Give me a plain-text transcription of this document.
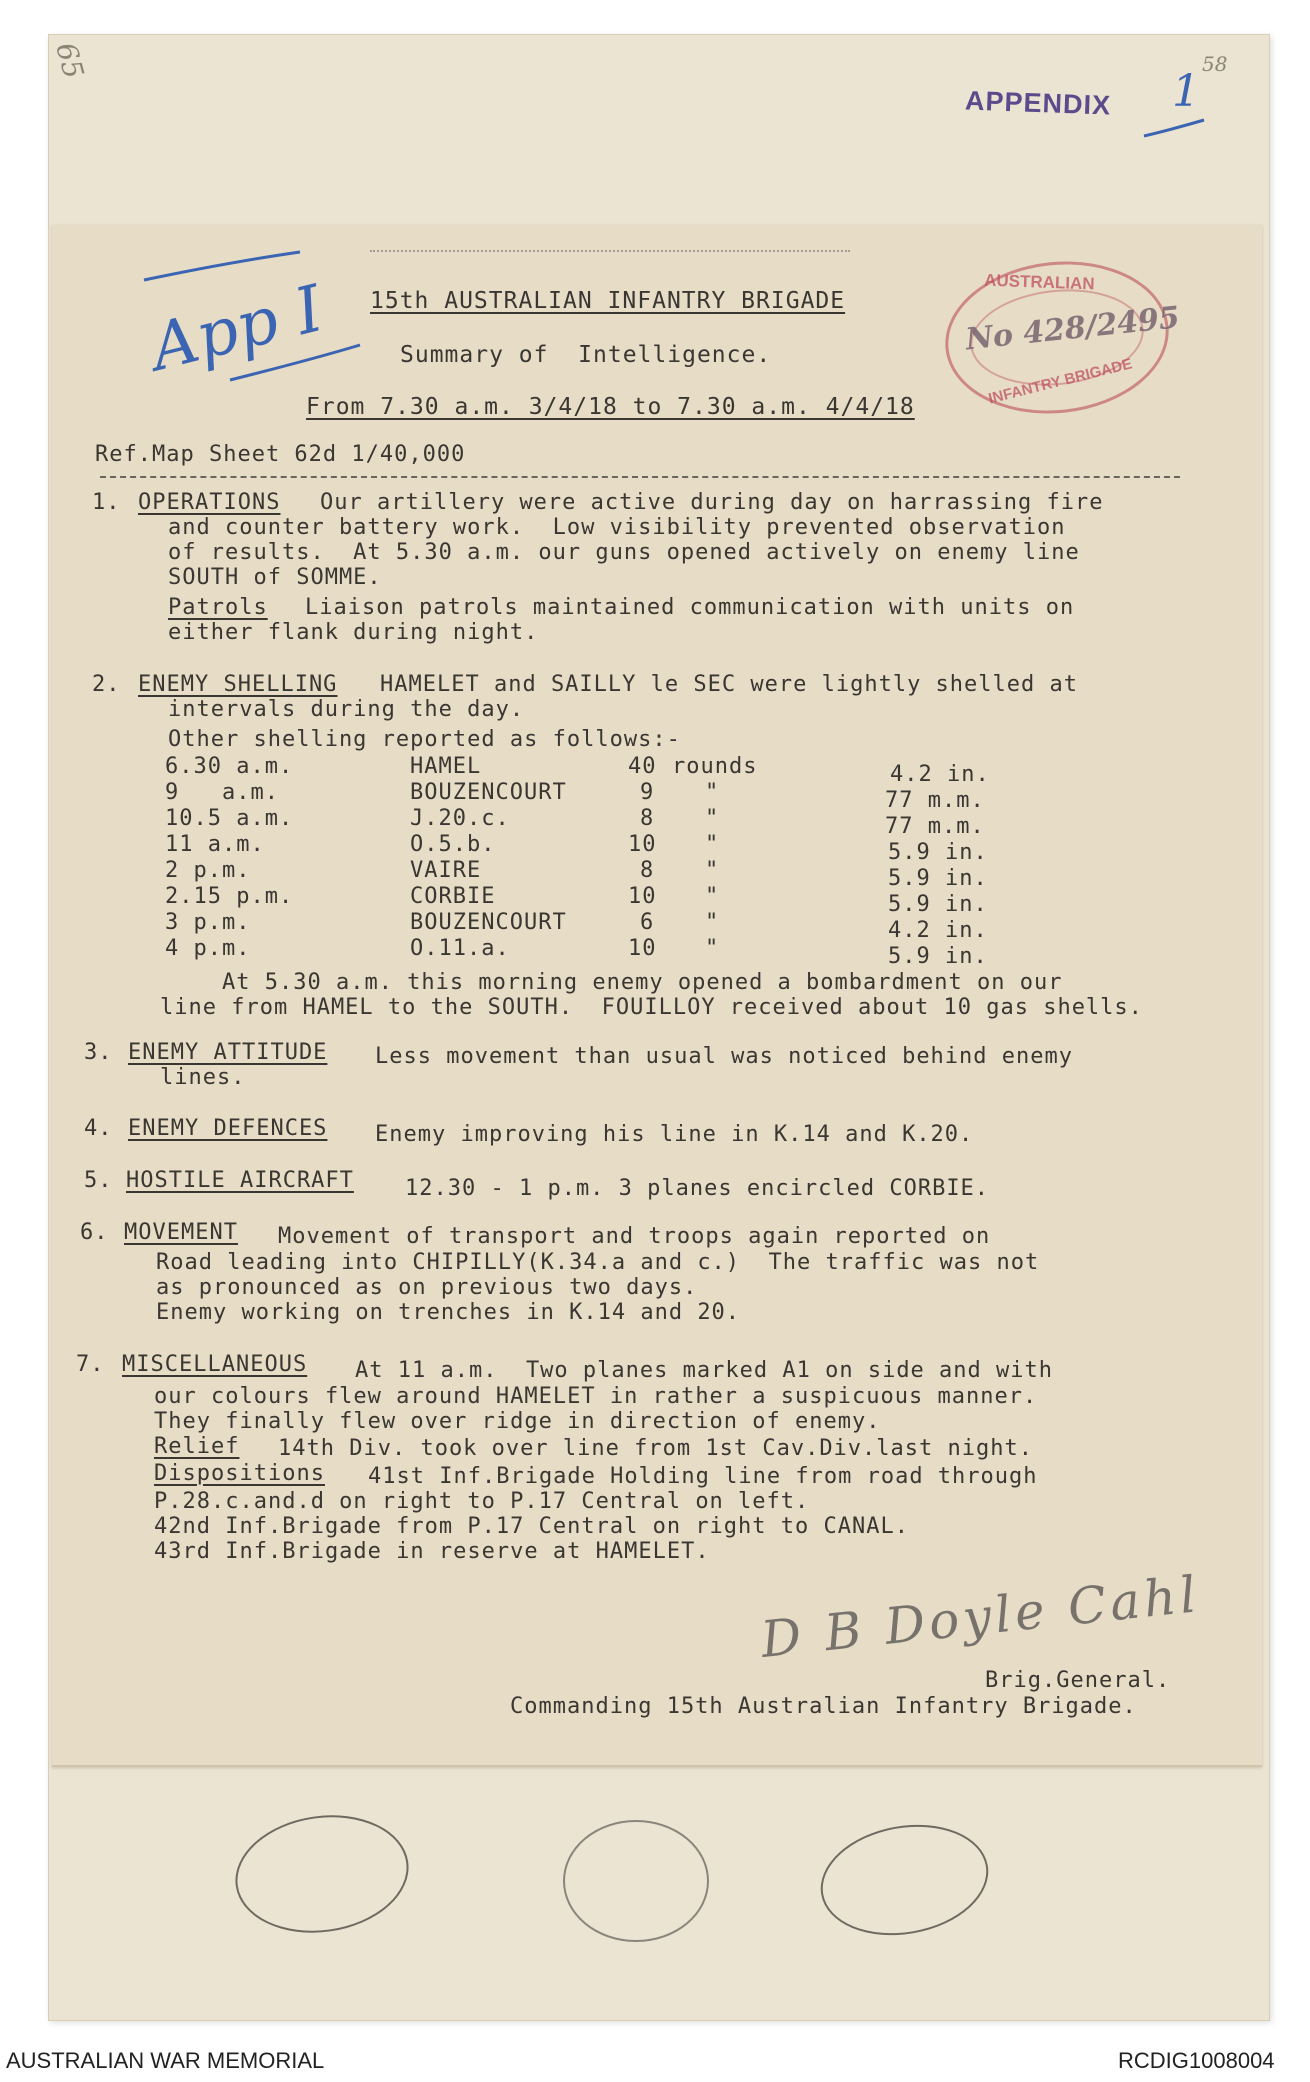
65
APPENDIX 1
58
App I	AUSTRALIAN
No 428/2495
INFANTRY BRIGADE
15th AUSTRALIAN INFANTRY BRIGADE
Summary of  Intelligence.
From 7.30 a.m. 3/4/18 to 7.30 a.m. 4/4/18
Ref.Map Sheet 62d 1/40,000
1. OPERATIONS Our artillery were active during day on harrassing fire
and counter battery work.  Low visibility prevented observation
of results.  At 5.30 a.m. our guns opened actively on enemy line
SOUTH of SOMME.
Patrols Liaison patrols maintained communication with units on
either flank during night.
2. ENEMY SHELLING HAMELET and SAILLY le SEC were lightly shelled at
intervals during the day.
Other shelling reported as follows:-
6.30 a.m.	HAMEL	40 rounds	4.2 in.
9   a.m.	BOUZENCOURT	9 "	77 m.m.
10.5 a.m.	J.20.c.	8 "	77 m.m.
11 a.m.	O.5.b.	10 "	5.9 in.
2 p.m.	VAIRE	8 "	5.9 in.
2.15 p.m.	CORBIE	10 "	5.9 in.
3 p.m.	BOUZENCOURT	6 "	4.2 in.
4 p.m.	O.11.a.	10 "	5.9 in.
At 5.30 a.m. this morning enemy opened a bombardment on our
line from HAMEL to the SOUTH.  FOUILLOY received about 10 gas shells.
3. ENEMY ATTITUDE Less movement than usual was noticed behind enemy
lines.
4. ENEMY DEFENCES Enemy improving his line in K.14 and K.20.
5. HOSTILE AIRCRAFT 12.30 - 1 p.m. 3 planes encircled CORBIE.
6. MOVEMENT Movement of transport and troops again reported on
Road leading into CHIPILLY(K.34.a and c.)  The traffic was not
as pronounced as on previous two days.
Enemy working on trenches in K.14 and 20.
7. MISCELLANEOUS At 11 a.m.  Two planes marked A1 on side and with
our colours flew around HAMELET in rather a suspicuous manner.
They finally flew over ridge in direction of enemy.
Relief 14th Div. took over line from 1st Cav.Div.last night.
Dispositions 41st Inf.Brigade Holding line from road through
P.28.c.and.d on right to P.17 Central on left.
42nd Inf.Brigade from P.17 Central on right to CANAL.
43rd Inf.Brigade in reserve at HAMELET.
D B Doyle Cahl
Brig.General.
Commanding 15th Australian Infantry Brigade.
AUSTRALIAN WAR MEMORIAL	RCDIG1008004
